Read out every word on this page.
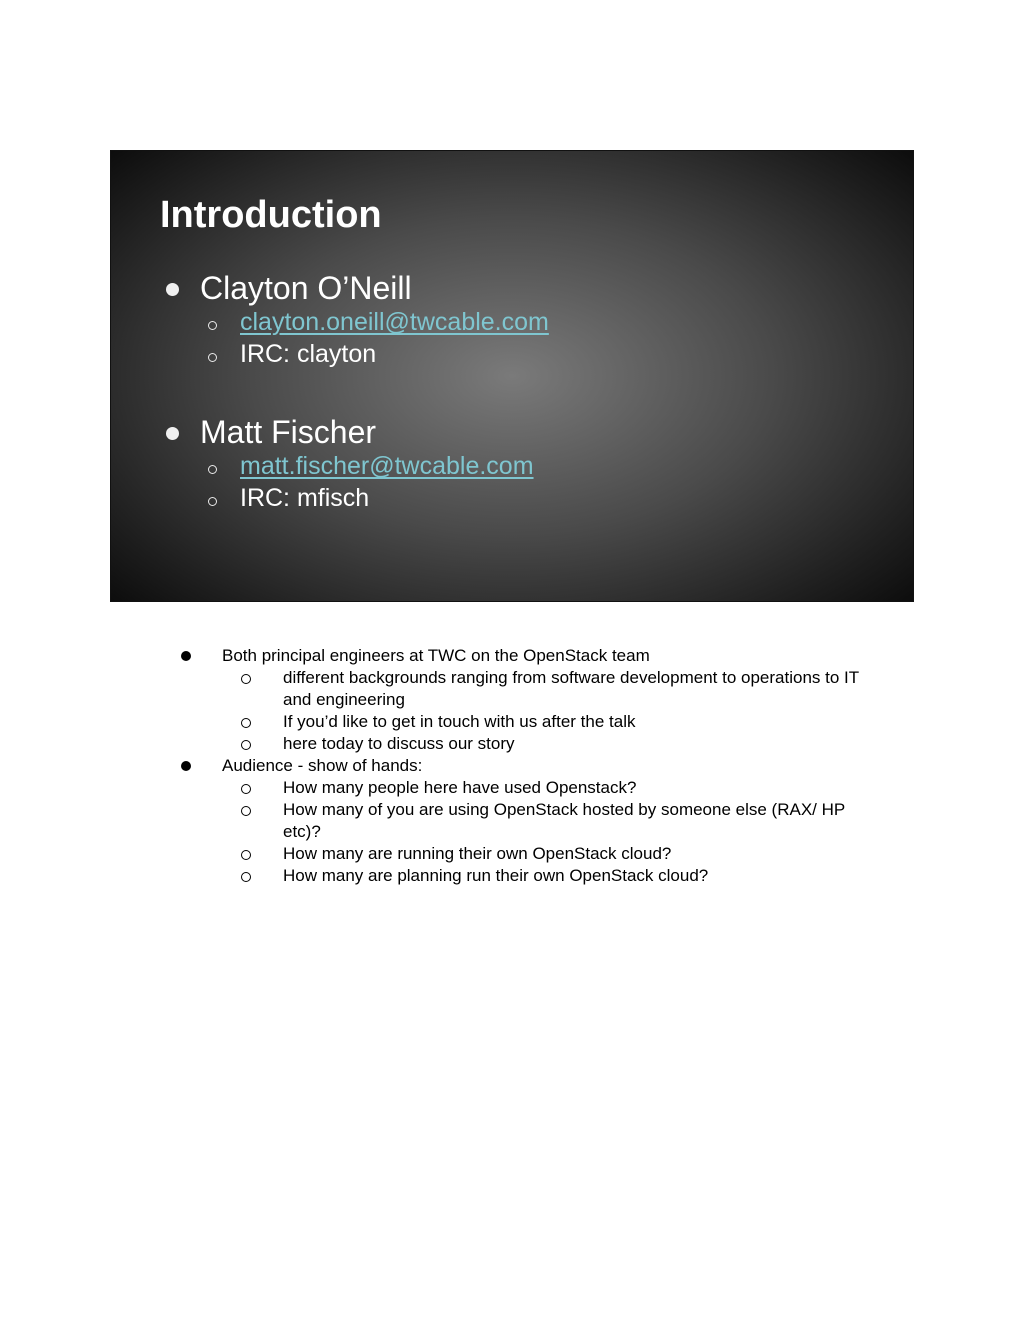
Introduction
Clayton O’Neill
clayton.oneill@twcable.com
IRC: clayton
Matt Fischer
matt.fischer@twcable.com
IRC: mfisch
Both principal engineers at TWC on the OpenStack team
different backgrounds ranging from software development to operations to IT and engineering
If you’d like to get in touch with us after the talk
here today to discuss our story
Audience - show of hands:
How many people here have used Openstack?
How many of you are using OpenStack hosted by someone else (RAX/ HP etc)?
How many are running their own OpenStack cloud?
How many are planning run their own OpenStack cloud?
